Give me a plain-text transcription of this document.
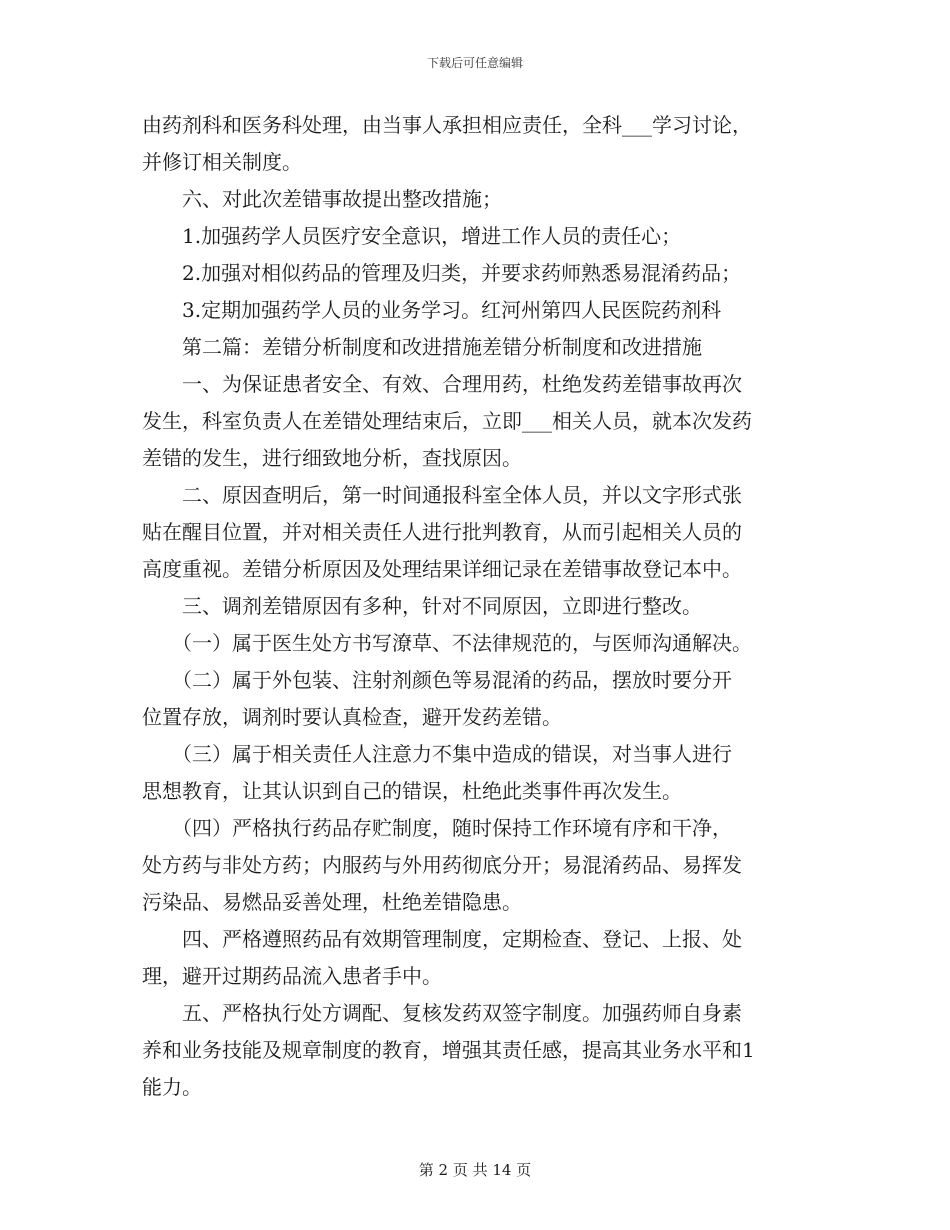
下载后可任意编辑
由药剂科和医务科处理，由当事人承担相应责任，全科___学习讨论，
并修订相关制度。
　　六、对此次差错事故提出整改措施；
　　1.加强药学人员医疗安全意识，增进工作人员的责任心；
　　2.加强对相似药品的管理及归类，并要求药师熟悉易混淆药品；
　　3.定期加强药学人员的业务学习。红河州第四人民医院药剂科
　　第二篇：差错分析制度和改进措施差错分析制度和改进措施
　　一、为保证患者安全、有效、合理用药，杜绝发药差错事故再次
发生，科室负责人在差错处理结束后，立即___相关人员，就本次发药
差错的发生，进行细致地分析，查找原因。
　　二、原因查明后，第一时间通报科室全体人员，并以文字形式张
贴在醒目位置，并对相关责任人进行批判教育，从而引起相关人员的
高度重视。差错分析原因及处理结果详细记录在差错事故登记本中。
　　三、调剂差错原因有多种，针对不同原因，立即进行整改。
　　（一）属于医生处方书写潦草、不法律规范的，与医师沟通解决。
　　（二）属于外包装、注射剂颜色等易混淆的药品，摆放时要分开
位置存放，调剂时要认真检查，避开发药差错。
　　（三）属于相关责任人注意力不集中造成的错误，对当事人进行
思想教育，让其认识到自己的错误，杜绝此类事件再次发生。
　　（四）严格执行药品存贮制度，随时保持工作环境有序和干净，
处方药与非处方药；内服药与外用药彻底分开；易混淆药品、易挥发
污染品、易燃品妥善处理，杜绝差错隐患。
　　四、严格遵照药品有效期管理制度，定期检查、登记、上报、处
理，避开过期药品流入患者手中。
　　五、严格执行处方调配、复核发药双签字制度。加强药师自身素
养和业务技能及规章制度的教育，增强其责任感，提高其业务水平和1
能力。
第 2 页 共 14 页
